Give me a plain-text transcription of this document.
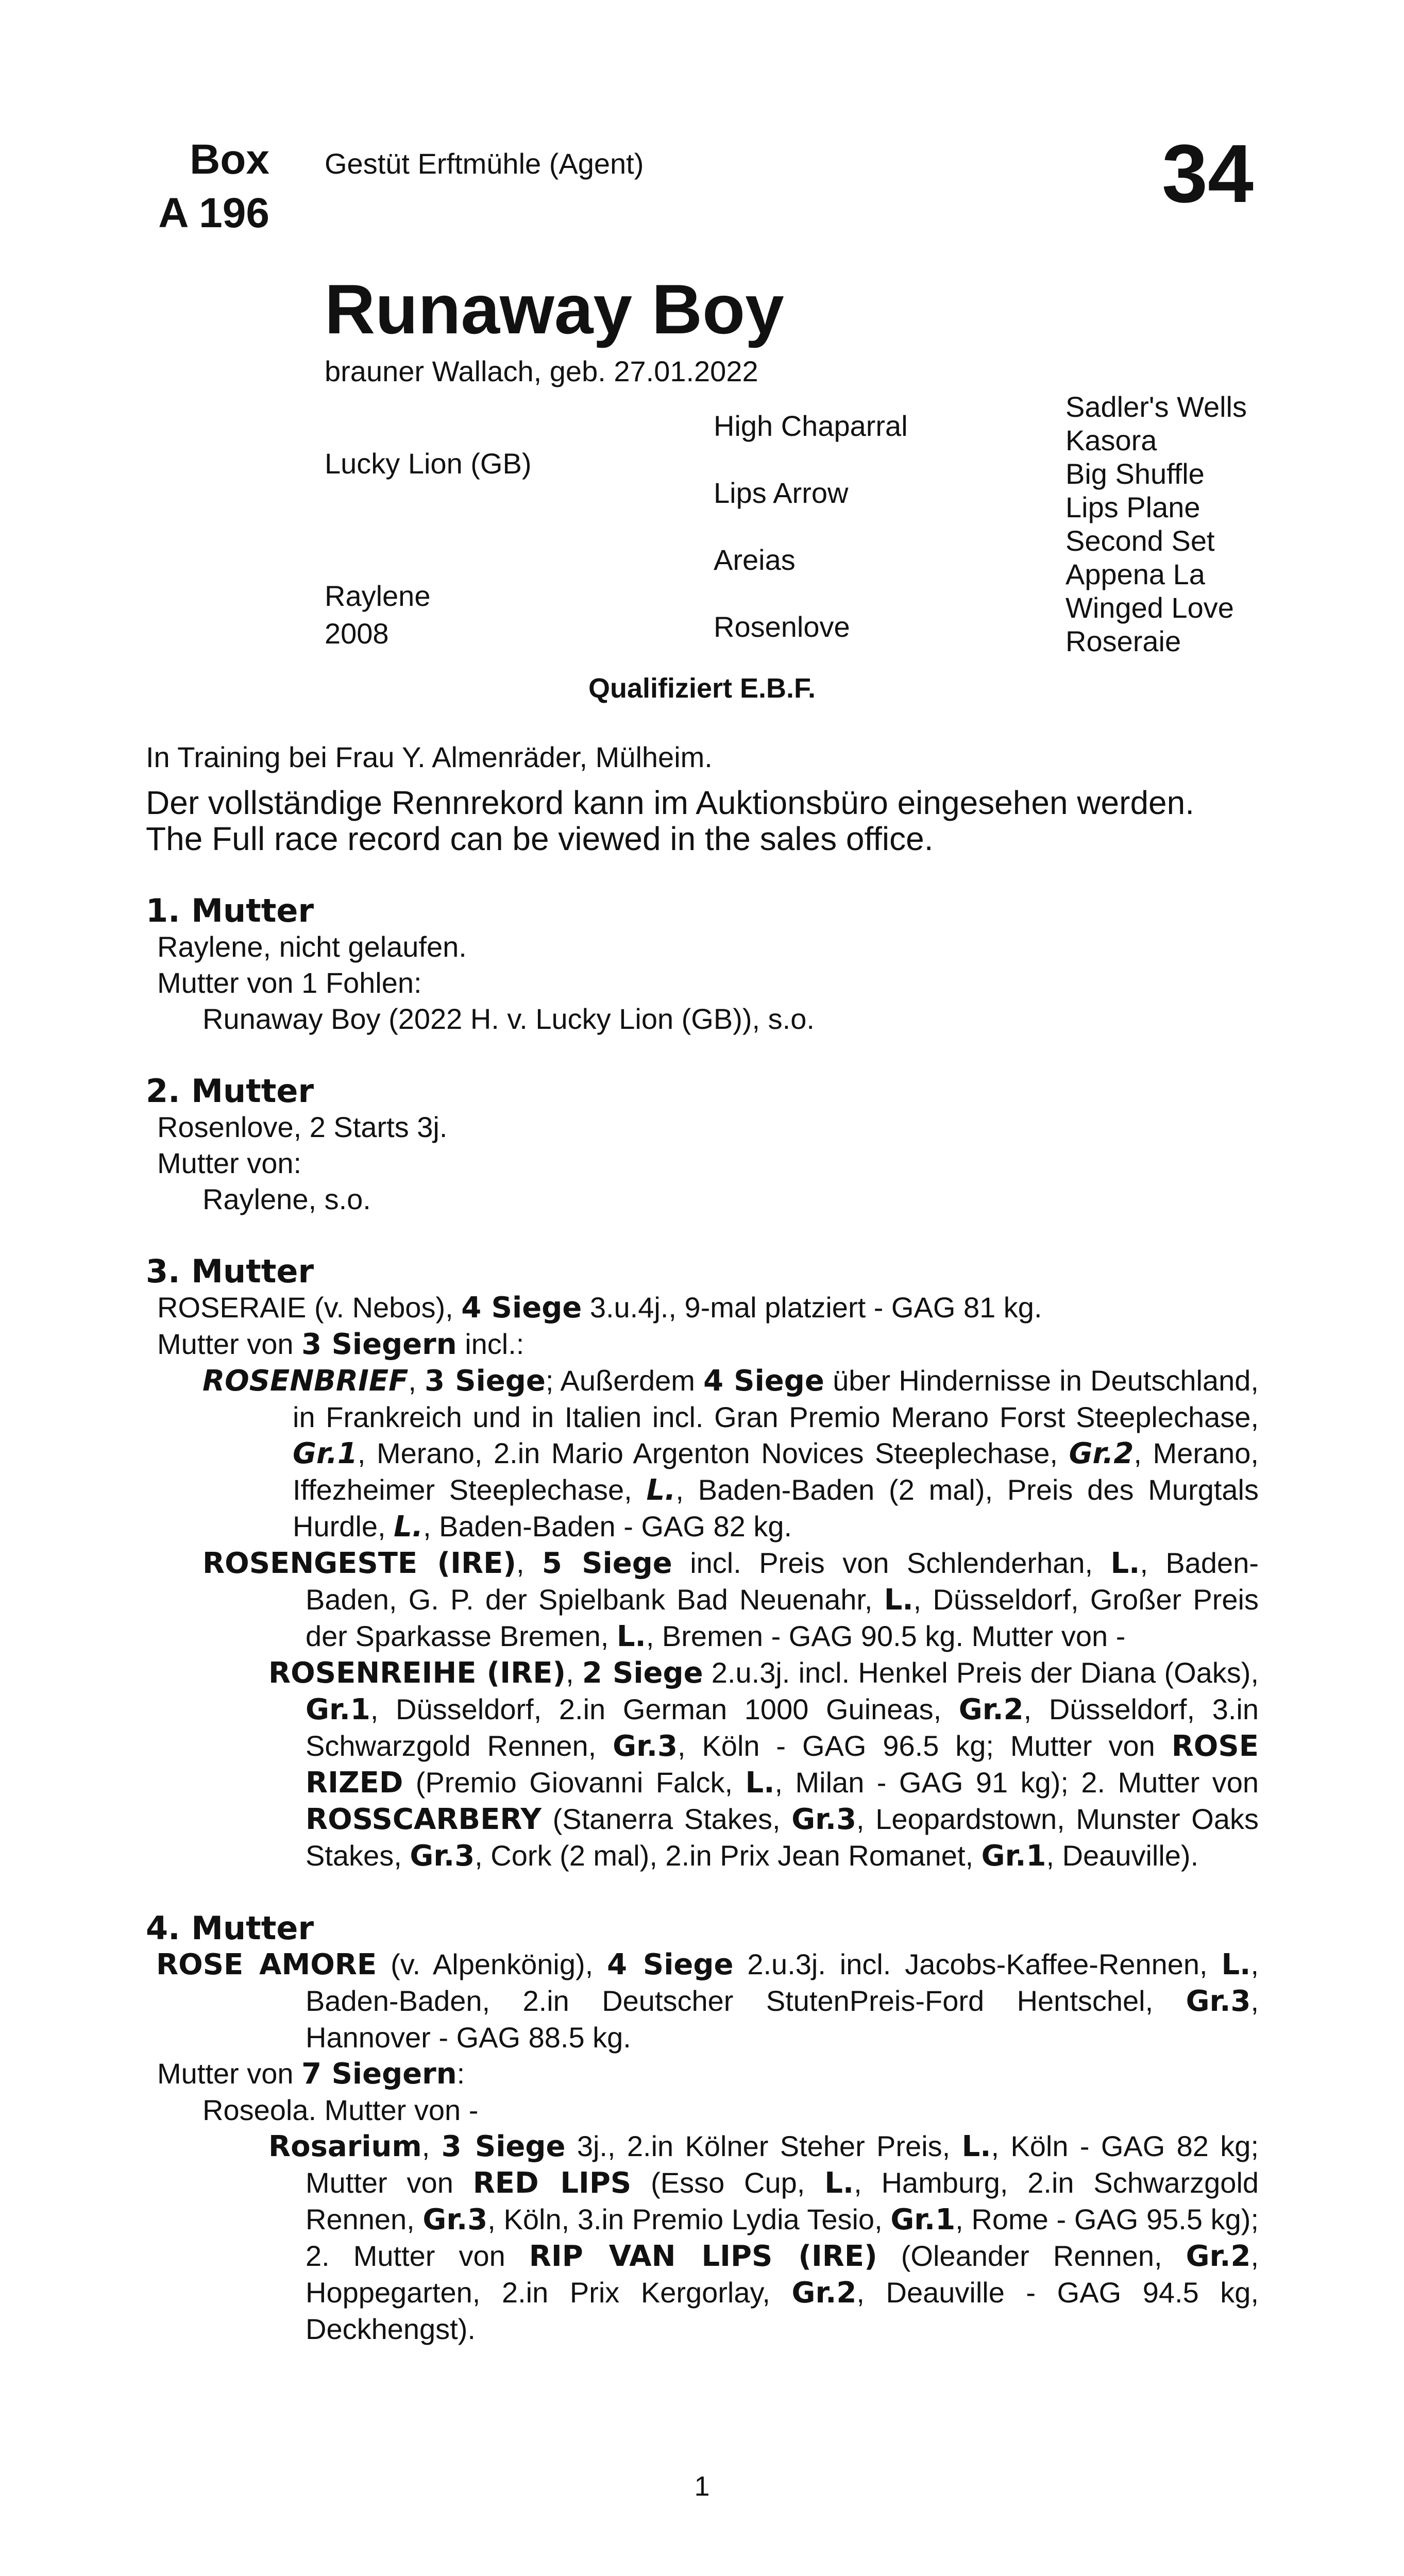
Box
A 196
Gestüt Erftmühle (Agent)	34
Runaway Boy
brauner Wallach, geb. 27.01.2022
Lucky Lion (GB)
Raylene
2008
High Chaparral
Lips Arrow
Areias
Rosenlove
Sadler's Wells
Kasora
Big Shuffle
Lips Plane
Second Set
Appena La
Winged Love
Roseraie
Qualifiziert E.B.F.

In Training bei Frau Y. Almenräder, Mülheim.

Der vollständige Rennrekord kann im Auktionsbüro eingesehen werden.

The Full race record can be viewed in the sales office.

1. Mutter

Raylene, nicht gelaufen.

Mutter von 1 Fohlen:

Runaway Boy (2022 H. v. Lucky Lion (GB)), s.o.

2. Mutter

Rosenlove, 2 Starts 3j.

Mutter von:

Raylene, s.o.

3. Mutter

ROSERAIE (v. Nebos), 4 Siege 3.u.4j., 9-mal platziert - GAG 81 kg.

Mutter von 3 Siegern incl.:

ROSENBRIEF, 3 Siege; Außerdem 4 Siege über Hindernisse in Deutschland, in Frankreich und in Italien incl. Gran Premio Merano Forst Steeplechase, Gr.1, Merano, 2.in Mario Argenton Novices Steeplechase, Gr.2, Merano, Iffezheimer Steeplechase, L., Baden-Baden (2 mal), Preis des Murgtals Hurdle, L., Baden-Baden - GAG 82 kg.

ROSENGESTE (IRE), 5 Siege incl. Preis von Schlenderhan, L., Baden-Baden, G. P. der Spielbank Bad Neuenahr, L., Düsseldorf, Großer Preis der Sparkasse Bremen, L., Bremen - GAG 90.5 kg. Mutter von -

ROSENREIHE (IRE), 2 Siege 2.u.3j. incl. Henkel Preis der Diana (Oaks), Gr.1, Düsseldorf, 2.in German 1000 Guineas, Gr.2, Düsseldorf, 3.in Schwarzgold Rennen, Gr.3, Köln - GAG 96.5 kg; Mutter von ROSE RIZED (Premio Giovanni Falck, L., Milan - GAG 91 kg); 2. Mutter von ROSSCARBERY (Stanerra Stakes, Gr.3, Leopardstown, Munster Oaks Stakes, Gr.3, Cork (2 mal), 2.in Prix Jean Romanet, Gr.1, Deauville).

4. Mutter

ROSE AMORE (v. Alpenkönig), 4 Siege 2.u.3j. incl. Jacobs-Kaffee-Rennen, L., Baden-Baden, 2.in Deutscher StutenPreis-Ford Hentschel, Gr.3, Hannover - GAG 88.5 kg.

Mutter von 7 Siegern:

Roseola. Mutter von -

Rosarium, 3 Siege 3j., 2.in Kölner Steher Preis, L., Köln - GAG 82 kg; Mutter von RED LIPS (Esso Cup, L., Hamburg, 2.in Schwarzgold Rennen, Gr.3, Köln, 3.in Premio Lydia Tesio, Gr.1, Rome - GAG 95.5 kg); 2. Mutter von RIP VAN LIPS (IRE) (Oleander Rennen, Gr.2, Hoppegarten, 2.in Prix Kergorlay, Gr.2, Deauville - GAG 94.5 kg, Deckhengst).

1
